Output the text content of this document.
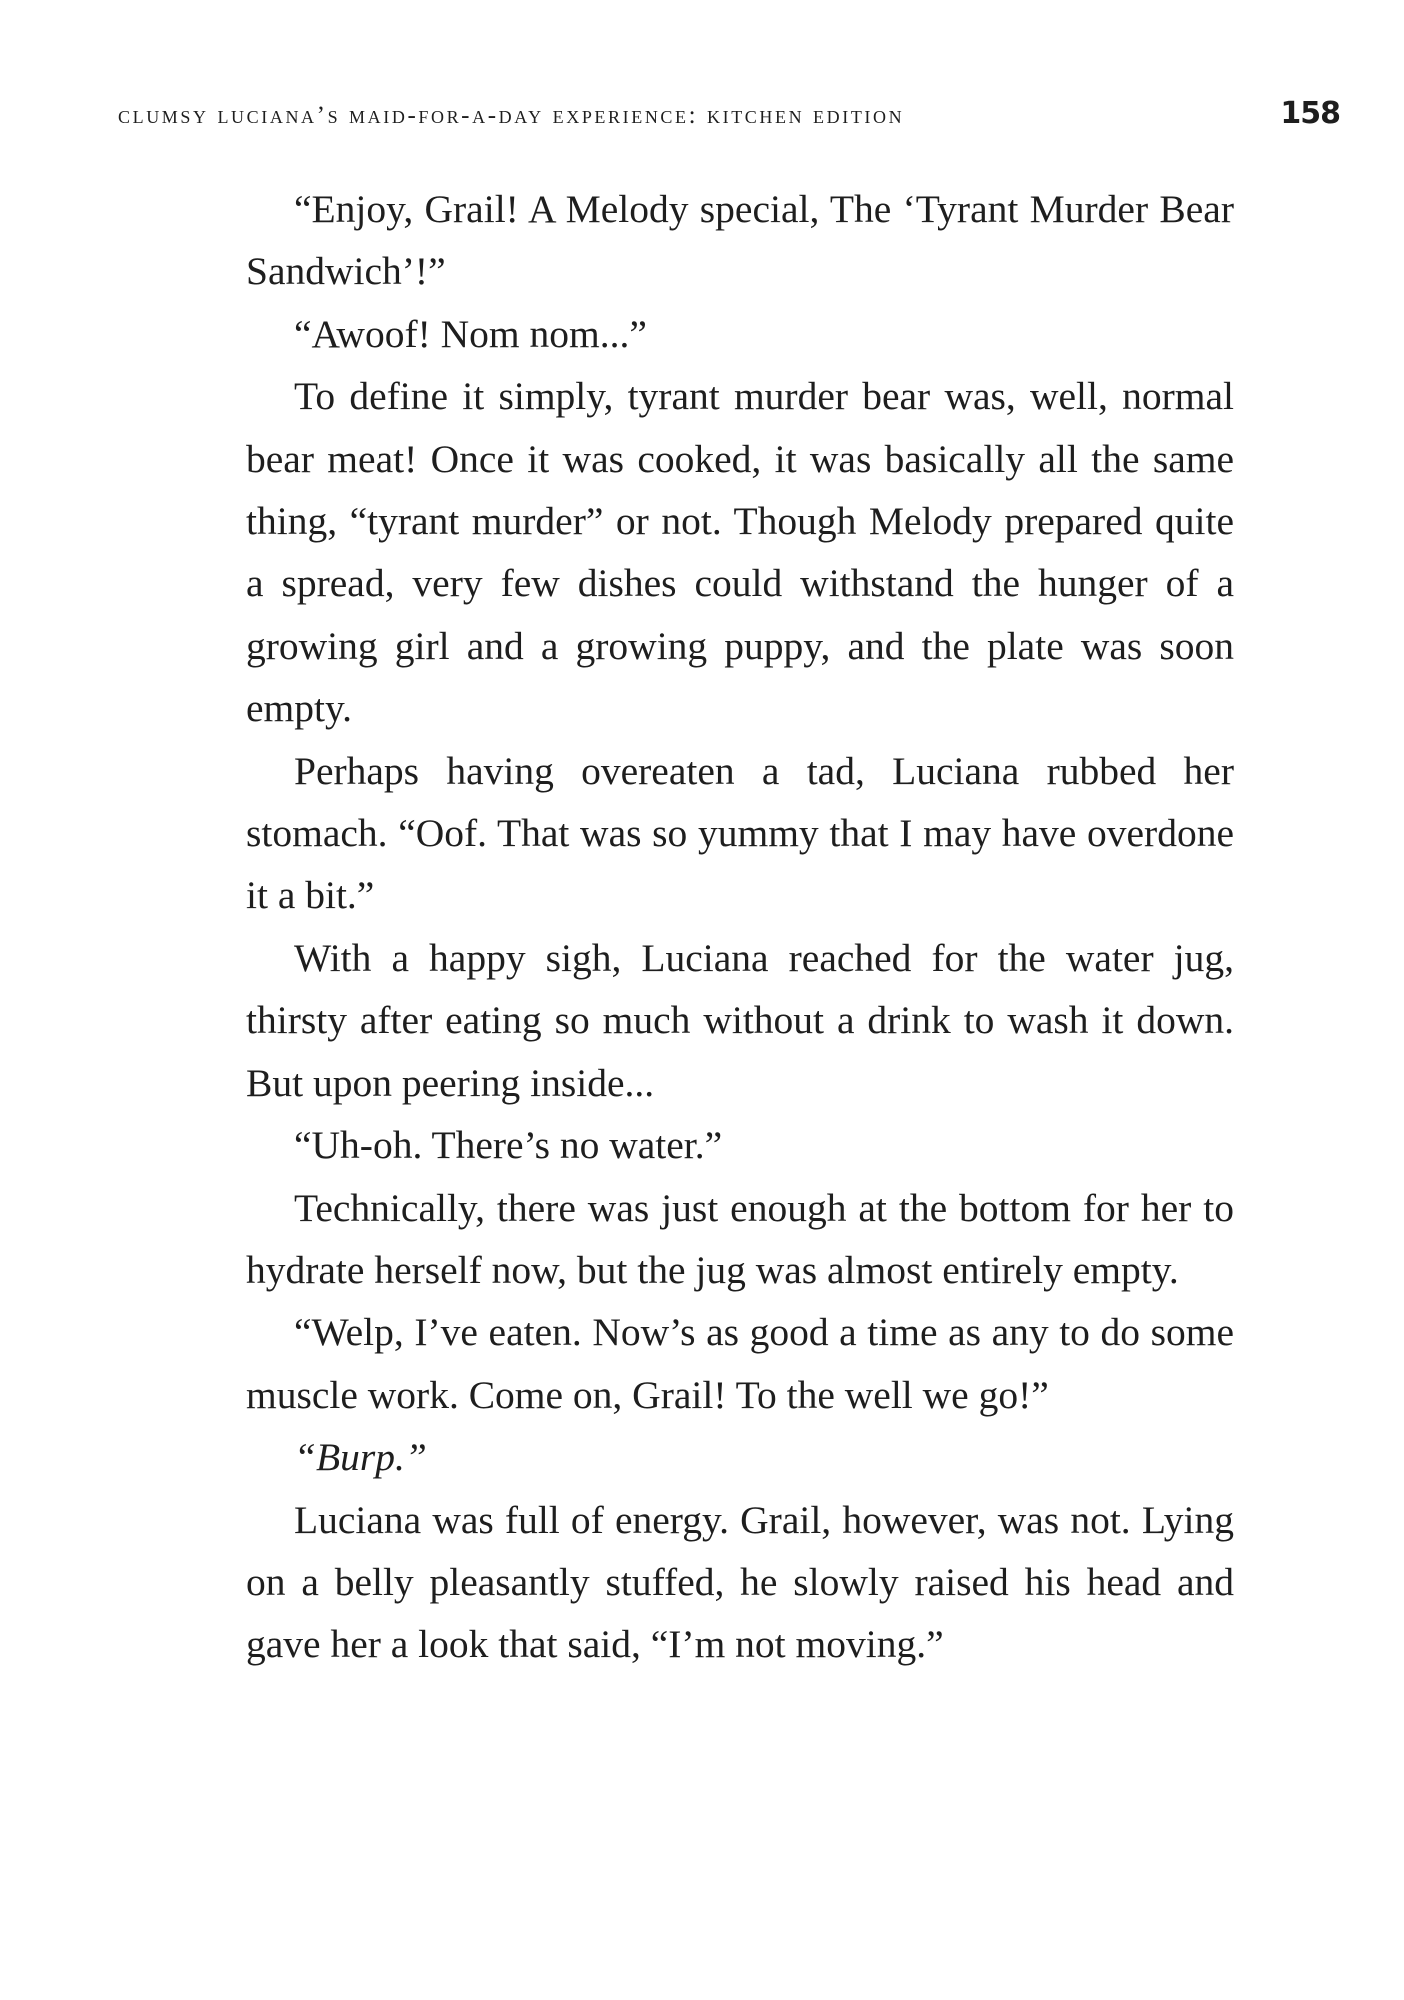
clumsy luciana’s maid-for-a-day experience: kitchen edition	158

“Enjoy, Grail! A Melody special, The ‘Tyrant Murder Bear Sandwich’!”

“Awoof! Nom nom...”

To define it simply, tyrant murder bear was, well, normal bear meat! Once it was cooked, it was basically all the same thing, “tyrant murder” or not. Though Melody prepared quite a spread, very few dishes could withstand the hunger of a growing girl and a growing puppy, and the plate was soon empty.

Perhaps having overeaten a tad, Luciana rubbed her stomach. “Oof. That was so yummy that I may have overdone it a bit.”

With a happy sigh, Luciana reached for the water jug, thirsty after eating so much without a drink to wash it down. But upon peering inside...

“Uh-oh. There’s no water.”

Technically, there was just enough at the bottom for her to hydrate herself now, but the jug was almost entirely empty.

“Welp, I’ve eaten. Now’s as good a time as any to do some muscle work. Come on, Grail! To the well we go!”

“Burp.”

Luciana was full of energy. Grail, however, was not. Lying on a belly pleasantly stuffed, he slowly raised his head and gave her a look that said, “I’m not moving.”
